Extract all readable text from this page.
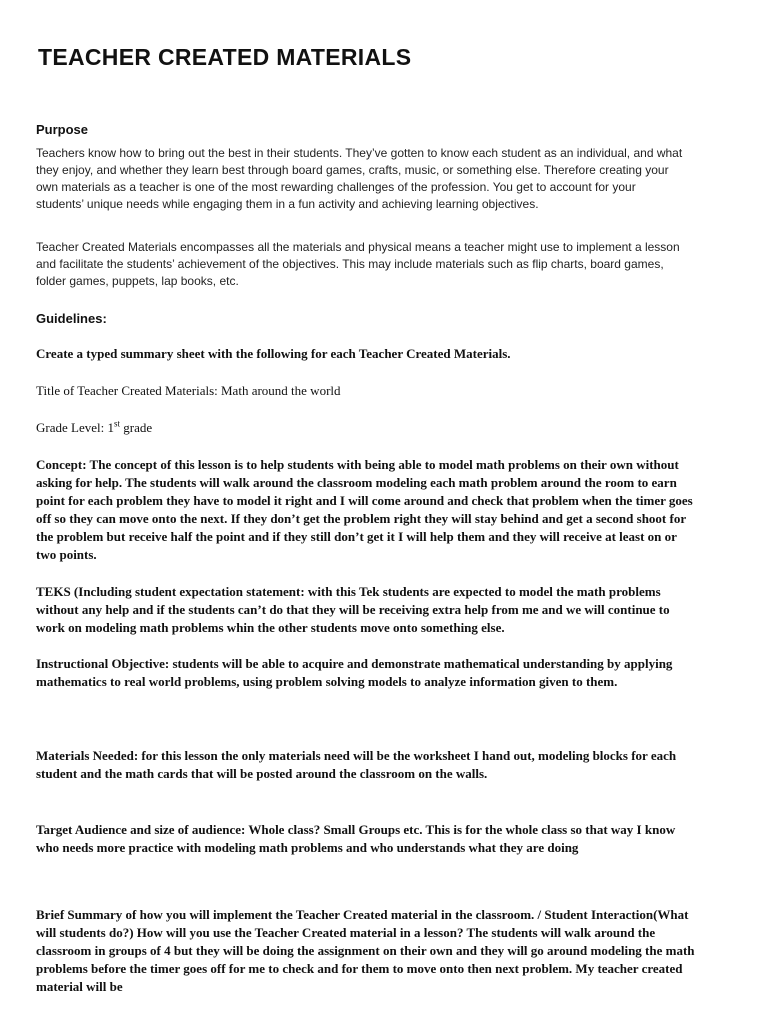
TEACHER CREATED MATERIALS
Purpose

Teachers know how to bring out the best in their students. They’ve gotten to know each student as an individual, and what they enjoy, and whether they learn best through board games, crafts, music, or something else. Therefore creating your own materials as a teacher is one of the most rewarding challenges of the profession. You get to account for your students’ unique needs while engaging them in a fun activity and achieving learning objectives.

Teacher Created Materials encompasses all the materials and physical means a teacher might use to implement a lesson and facilitate the students’ achievement of the objectives. This may include materials such as flip charts, board games, folder games, puppets, lap books, etc.

Guidelines:

Create a typed summary sheet with the following for each Teacher Created Materials.

Title of Teacher Created Materials: Math around the world

Grade Level: 1st grade

Concept: The concept of this lesson is to help students with being able to model math problems on their own without asking for help. The students will walk around the classroom modeling each math problem around the room to earn point for each problem they have to model it right and I will come around and check that problem when the timer goes off so they can move onto the next. If they don’t get the problem right they will stay behind and get a second shoot for the problem but receive half the point and if they still don’t get it I will help them and they will receive at least on or two points.

TEKS (Including student expectation statement: with this Tek students are expected to model the math problems without any help and if the students can’t do that they will be receiving extra help from me and we will continue to work on modeling math problems whin the other students move onto something else.

Instructional Objective: students will be able to acquire and demonstrate mathematical understanding by applying mathematics to real world problems, using problem solving models to analyze information given to them.

Materials Needed: for this lesson the only materials need will be the worksheet I hand out, modeling blocks for each student and the math cards that will be posted around the classroom on the walls.

Target Audience and size of audience: Whole class? Small Groups etc. This is for the whole class so that way I know who needs more practice with modeling math problems and who understands what they are doing

Brief Summary of how you will implement the Teacher Created material in the classroom. / Student Interaction(What will students do?) How will you use the Teacher Created material in a lesson? The students will walk around the classroom in groups of 4 but they will be doing the assignment on their own and they will go around modeling the math problems before the timer goes off for me to check and for them to move onto then next problem. My teacher created material will be
